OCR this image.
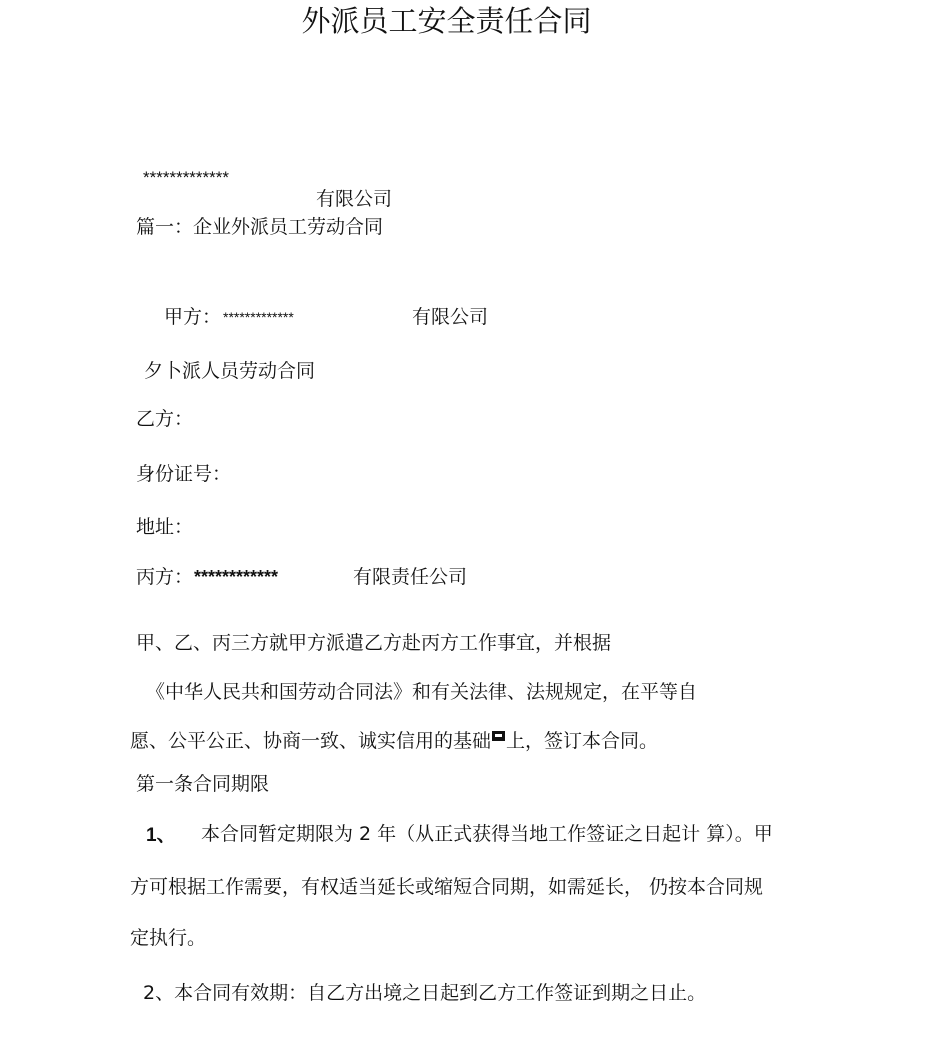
外派员工安全责任合同
*************
有限公司
篇一：企业外派员工劳动合同
甲方： *************	有限公司
夕卜派人员劳动合同
乙方：
身份证号：
地址：
丙方： ************	有限责任公司
甲、乙、丙三方就甲方派遣乙方赴丙方工作事宜，并根据
《中华人民共和国劳动合同法》和有关法律、法规规定，在平等自
愿、公平公正、协商一致、诚实信用的基础 上，签订本合同。
第一条合同期限
1、 本合同暂定期限为 2 年（从正式获得当地工作签证之日起计 算）。甲
方可根据工作需要，有权适当延长或缩短合同期，如需延长， 仍按本合同规
定执行。
2、本合同有效期：自乙方出境之日起到乙方工作签证到期之日止。
